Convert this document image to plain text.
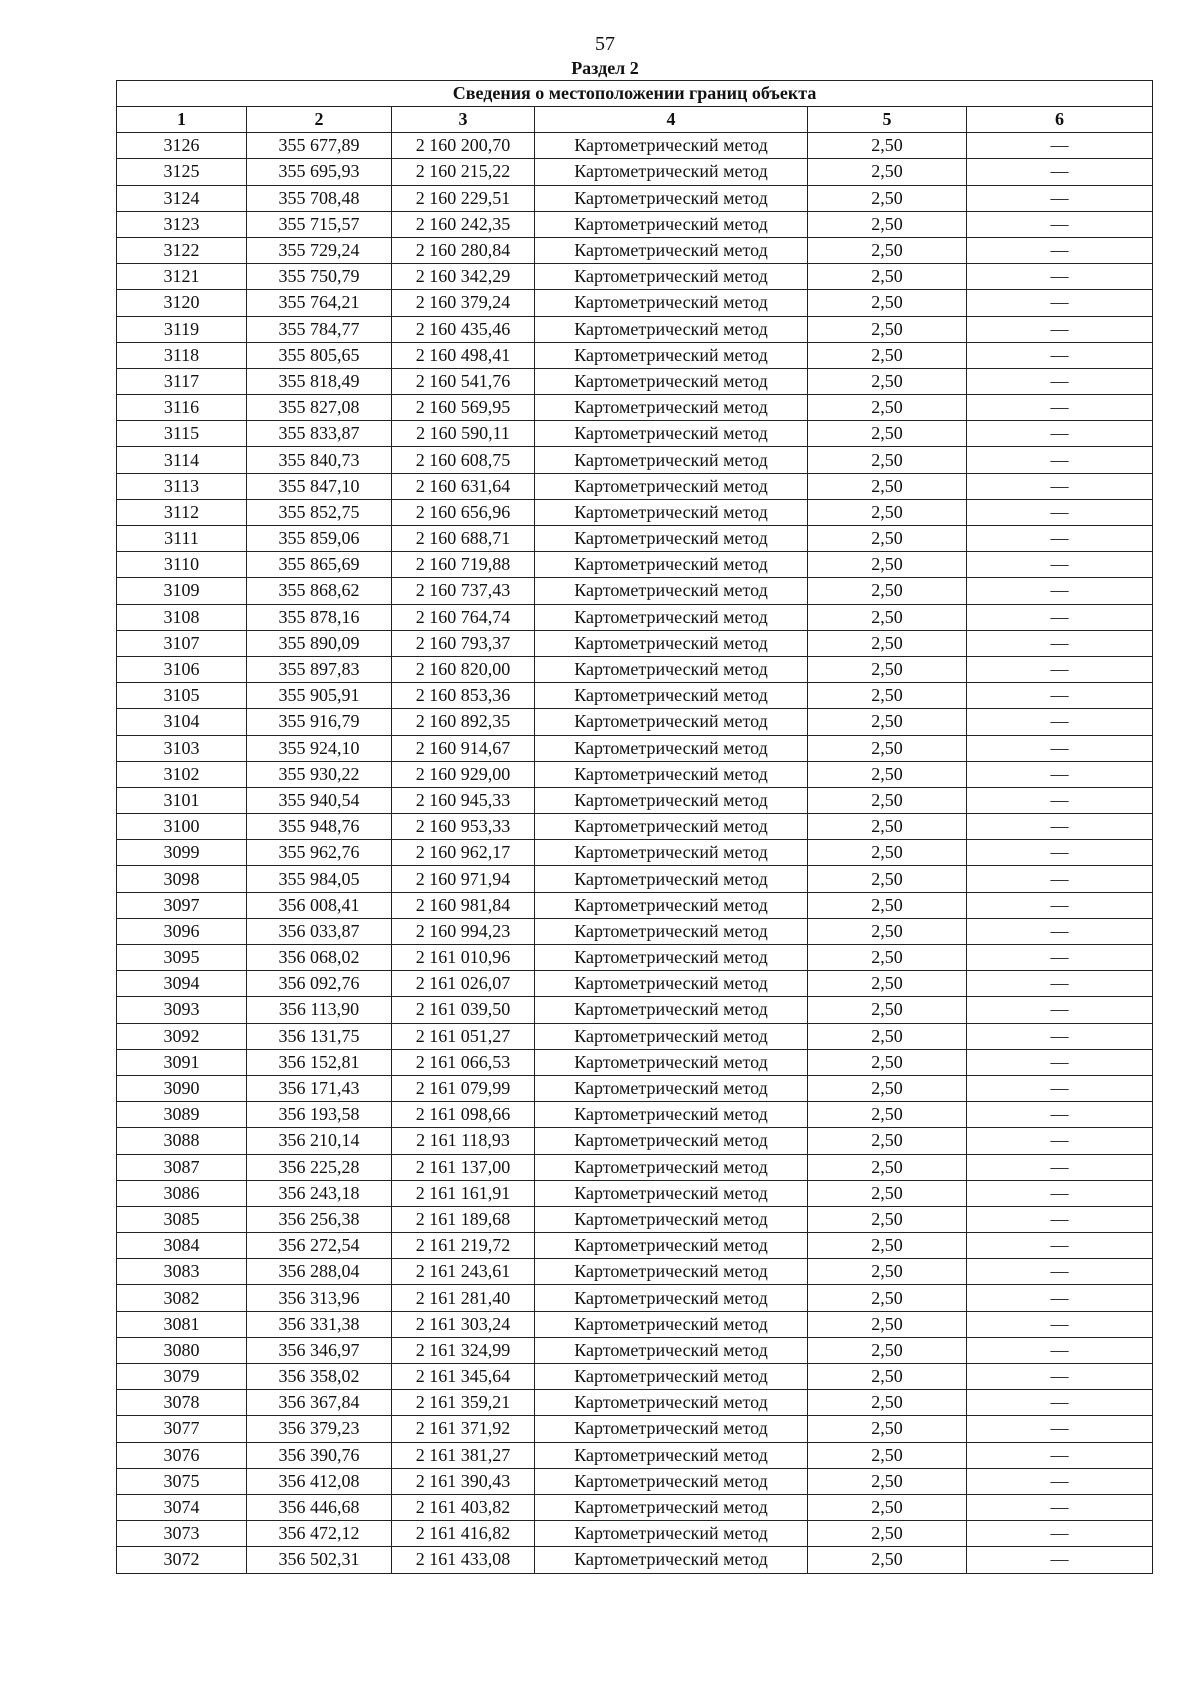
57
Раздел 2
Сведения о местоположении границ объекта					
1	2	3	4	5	6
3126	355 677,89	2 160 200,70	Картометрический метод	2,50	—
3125	355 695,93	2 160 215,22	Картометрический метод	2,50	—
3124	355 708,48	2 160 229,51	Картометрический метод	2,50	—
3123	355 715,57	2 160 242,35	Картометрический метод	2,50	—
3122	355 729,24	2 160 280,84	Картометрический метод	2,50	—
3121	355 750,79	2 160 342,29	Картометрический метод	2,50	—
3120	355 764,21	2 160 379,24	Картометрический метод	2,50	—
3119	355 784,77	2 160 435,46	Картометрический метод	2,50	—
3118	355 805,65	2 160 498,41	Картометрический метод	2,50	—
3117	355 818,49	2 160 541,76	Картометрический метод	2,50	—
3116	355 827,08	2 160 569,95	Картометрический метод	2,50	—
3115	355 833,87	2 160 590,11	Картометрический метод	2,50	—
3114	355 840,73	2 160 608,75	Картометрический метод	2,50	—
3113	355 847,10	2 160 631,64	Картометрический метод	2,50	—
3112	355 852,75	2 160 656,96	Картометрический метод	2,50	—
3111	355 859,06	2 160 688,71	Картометрический метод	2,50	—
3110	355 865,69	2 160 719,88	Картометрический метод	2,50	—
3109	355 868,62	2 160 737,43	Картометрический метод	2,50	—
3108	355 878,16	2 160 764,74	Картометрический метод	2,50	—
3107	355 890,09	2 160 793,37	Картометрический метод	2,50	—
3106	355 897,83	2 160 820,00	Картометрический метод	2,50	—
3105	355 905,91	2 160 853,36	Картометрический метод	2,50	—
3104	355 916,79	2 160 892,35	Картометрический метод	2,50	—
3103	355 924,10	2 160 914,67	Картометрический метод	2,50	—
3102	355 930,22	2 160 929,00	Картометрический метод	2,50	—
3101	355 940,54	2 160 945,33	Картометрический метод	2,50	—
3100	355 948,76	2 160 953,33	Картометрический метод	2,50	—
3099	355 962,76	2 160 962,17	Картометрический метод	2,50	—
3098	355 984,05	2 160 971,94	Картометрический метод	2,50	—
3097	356 008,41	2 160 981,84	Картометрический метод	2,50	—
3096	356 033,87	2 160 994,23	Картометрический метод	2,50	—
3095	356 068,02	2 161 010,96	Картометрический метод	2,50	—
3094	356 092,76	2 161 026,07	Картометрический метод	2,50	—
3093	356 113,90	2 161 039,50	Картометрический метод	2,50	—
3092	356 131,75	2 161 051,27	Картометрический метод	2,50	—
3091	356 152,81	2 161 066,53	Картометрический метод	2,50	—
3090	356 171,43	2 161 079,99	Картометрический метод	2,50	—
3089	356 193,58	2 161 098,66	Картометрический метод	2,50	—
3088	356 210,14	2 161 118,93	Картометрический метод	2,50	—
3087	356 225,28	2 161 137,00	Картометрический метод	2,50	—
3086	356 243,18	2 161 161,91	Картометрический метод	2,50	—
3085	356 256,38	2 161 189,68	Картометрический метод	2,50	—
3084	356 272,54	2 161 219,72	Картометрический метод	2,50	—
3083	356 288,04	2 161 243,61	Картометрический метод	2,50	—
3082	356 313,96	2 161 281,40	Картометрический метод	2,50	—
3081	356 331,38	2 161 303,24	Картометрический метод	2,50	—
3080	356 346,97	2 161 324,99	Картометрический метод	2,50	—
3079	356 358,02	2 161 345,64	Картометрический метод	2,50	—
3078	356 367,84	2 161 359,21	Картометрический метод	2,50	—
3077	356 379,23	2 161 371,92	Картометрический метод	2,50	—
3076	356 390,76	2 161 381,27	Картометрический метод	2,50	—
3075	356 412,08	2 161 390,43	Картометрический метод	2,50	—
3074	356 446,68	2 161 403,82	Картометрический метод	2,50	—
3073	356 472,12	2 161 416,82	Картометрический метод	2,50	—
3072	356 502,31	2 161 433,08	Картометрический метод	2,50	—
